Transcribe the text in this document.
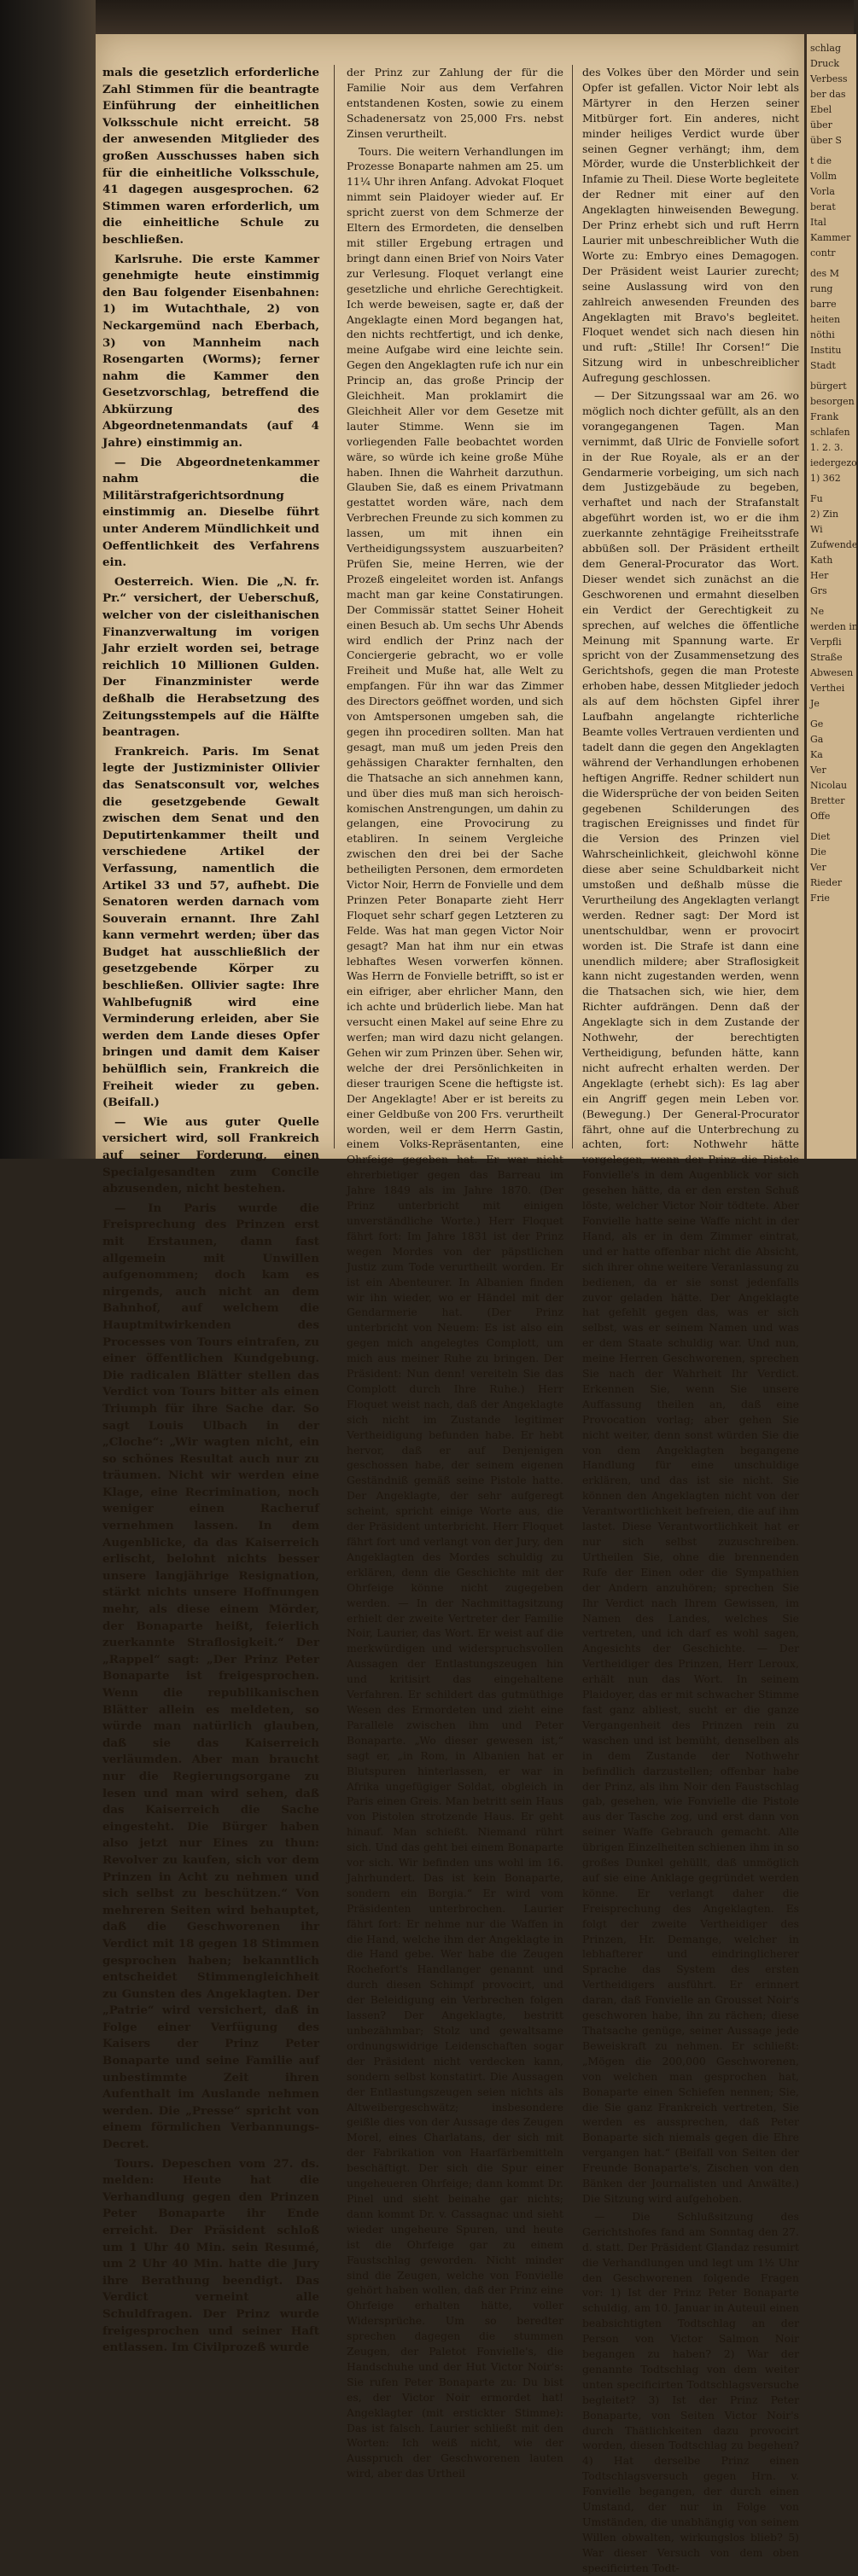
mals die gesetzlich erforderliche Zahl Stimmen für die beantragte Einführung der einheitlichen Volksschule nicht erreicht. 58 der anwesenden Mitglieder des großen Ausschusses haben sich für die einheitliche Volksschule, 41 dagegen ausgesprochen. 62 Stimmen waren erforderlich, um die einheitliche Schule zu beschließen.

Karlsruhe. Die erste Kammer genehmigte heute einstimmig den Bau folgender Eisenbahnen: 1) im Wutachthale, 2) von Neckargemünd nach Eberbach, 3) von Mannheim nach Rosengarten (Worms); ferner nahm die Kammer den Gesetzvorschlag, betreffend die Abkürzung des Abgeordnetenmandats (auf 4 Jahre) einstimmig an.

— Die Abgeordnetenkammer nahm die Militärstrafgerichtsordnung einstimmig an. Dieselbe führt unter Anderem Mündlichkeit und Oeffentlichkeit des Verfahrens ein.

Oesterreich. Wien. Die „N. fr. Pr.“ versichert, der Ueberschuß, welcher von der cisleithanischen Finanzverwaltung im vorigen Jahr erzielt worden sei, betrage reichlich 10 Millionen Gulden. Der Finanzminister werde deßhalb die Herabsetzung des Zeitungsstempels auf die Hälfte beantragen.

Frankreich. Paris. Im Senat legte der Justizminister Ollivier das Senatsconsult vor, welches die gesetzgebende Gewalt zwischen dem Senat und den Deputirtenkammer theilt und verschiedene Artikel der Verfassung, namentlich die Artikel 33 und 57, aufhebt. Die Senatoren werden darnach vom Souverain ernannt. Ihre Zahl kann vermehrt werden; über das Budget hat ausschließlich der gesetzgebende Körper zu beschließen. Ollivier sagte: Ihre Wahlbefugniß wird eine Verminderung erleiden, aber Sie werden dem Lande dieses Opfer bringen und damit dem Kaiser behülflich sein, Frankreich die Freiheit wieder zu geben. (Beifall.)

— Wie aus guter Quelle versichert wird, soll Frankreich auf seiner Forderung, einen Specialgesandten zum Concile abzusenden, nicht bestehen.

— In Paris wurde die Freisprechung des Prinzen erst mit Erstaunen, dann fast allgemein mit Unwillen aufgenommen; doch kam es nirgends, auch nicht an dem Bahnhof, auf welchem die Hauptmitwirkenden des Processes von Tours eintrafen, zu einer öffentlichen Kundgebung. Die radicalen Blätter stellen das Verdict von Tours bitter als einen Triumph für ihre Sache dar. So sagt Louis Ulbach in der „Cloche“: „Wir wagten nicht, ein so schönes Resultat auch nur zu träumen. Nicht wir werden eine Klage, eine Recrimination, noch weniger einen Racheruf vernehmen lassen. In dem Augenblicke, da das Kaiserreich erlischt, belohnt nichts besser unsere langjährige Resignation, stärkt nichts unsere Hoffnungen mehr, als diese einem Mörder, der Bonaparte heißt, feierlich zuerkannte Straflosigkeit.“ Der „Rappel“ sagt: „Der Prinz Peter Bonaparte ist freigesprochen. Wenn die republikanischen Blätter allein es meldeten, so würde man natürlich glauben, daß sie das Kaiserreich verläumden. Aber man braucht nur die Regierungsorgane zu lesen und man wird sehen, daß das Kaiserreich die Sache eingesteht. Die Bürger haben also jetzt nur Eines zu thun: Revolver zu kaufen, sich vor dem Prinzen in Acht zu nehmen und sich selbst zu beschützen.“ Von mehreren Seiten wird behauptet, daß die Geschworenen ihr Verdict mit 18 gegen 18 Stimmen gesprochen haben; bekanntlich entscheidet Stimmengleichheit zu Gunsten des Angeklagten. Der „Patrie“ wird versichert, daß in Folge einer Verfügung des Kaisers der Prinz Peter Bonaparte und seine Familie auf unbestimmte Zeit ihren Aufenthalt im Auslande nehmen werden. Die „Presse“ spricht von einem förmlichen Verbannungs-Decret.

Tours. Depeschen vom 27. ds. melden: Heute hat die Verhandlung gegen den Prinzen Peter Bonaparte ihr Ende erreicht. Der Präsident schloß um 1 Uhr 40 Min. sein Resumé, um 2 Uhr 40 Min. hatte die Jury ihre Berathung beendigt. Das Verdict verneint alle Schuldfragen. Der Prinz wurde freigesprochen und seiner Haft entlassen. Im Civilprozeß wurde

der Prinz zur Zahlung der für die Familie Noir aus dem Verfahren entstandenen Kosten, sowie zu einem Schadenersatz von 25,000 Frs. nebst Zinsen verurtheilt.

Tours. Die weitern Verhandlungen im Prozesse Bonaparte nahmen am 25. um 11¼ Uhr ihren Anfang. Advokat Floquet nimmt sein Plaidoyer wieder auf. Er spricht zuerst von dem Schmerze der Eltern des Ermordeten, die denselben mit stiller Ergebung ertragen und bringt dann einen Brief von Noirs Vater zur Verlesung. Floquet verlangt eine gesetzliche und ehrliche Gerechtigkeit. Ich werde beweisen, sagte er, daß der Angeklagte einen Mord begangen hat, den nichts rechtfertigt, und ich denke, meine Aufgabe wird eine leichte sein. Gegen den Angeklagten rufe ich nur ein Princip an, das große Princip der Gleichheit. Man proklamirt die Gleichheit Aller vor dem Gesetze mit lauter Stimme. Wenn sie im vorliegenden Falle beobachtet worden wäre, so würde ich keine große Mühe haben. Ihnen die Wahrheit darzuthun. Glauben Sie, daß es einem Privatmann gestattet worden wäre, nach dem Verbrechen Freunde zu sich kommen zu lassen, um mit ihnen ein Vertheidigungssystem auszuarbeiten? Prüfen Sie, meine Herren, wie der Prozeß eingeleitet worden ist. Anfangs macht man gar keine Constatirungen. Der Commissär stattet Seiner Hoheit einen Besuch ab. Um sechs Uhr Abends wird endlich der Prinz nach der Conciergerie gebracht, wo er volle Freiheit und Muße hat, alle Welt zu empfangen. Für ihn war das Zimmer des Directors geöffnet worden, und sich von Amtspersonen umgeben sah, die gegen ihn procediren sollten. Man hat gesagt, man muß um jeden Preis den gehässigen Charakter fernhalten, den die Thatsache an sich annehmen kann, und über dies muß man sich heroisch-komischen Anstrengungen, um dahin zu gelangen, eine Provocirung zu etabliren. In seinem Vergleiche zwischen den drei bei der Sache betheiligten Personen, dem ermordeten Victor Noir, Herrn de Fonvielle und dem Prinzen Peter Bonaparte zieht Herr Floquet sehr scharf gegen Letzteren zu Felde. Was hat man gegen Victor Noir gesagt? Man hat ihm nur ein etwas lebhaftes Wesen vorwerfen können. Was Herrn de Fonvielle betrifft, so ist er ein eifriger, aber ehrlicher Mann, den ich achte und brüderlich liebe. Man hat versucht einen Makel auf seine Ehre zu werfen; man wird dazu nicht gelangen. Gehen wir zum Prinzen über. Sehen wir, welche der drei Persönlichkeiten in dieser traurigen Scene die heftigste ist. Der Angeklagte! Aber er ist bereits zu einer Geldbuße von 200 Frs. verurtheilt worden, weil er dem Herrn Gastin, einem Volks-Repräsentanten, eine Ohrfeige gegeben hat. Er war nicht ehrerbietiger gegen das Barreau im Jahre 1849 als im Jahre 1870. (Der Prinz unterbricht mit einigen unverständliche Worte.) Herr Floquet fährt fort: Im Jahre 1831 ist der Prinz wegen Mordes von der päpstlichen Justiz zum Tode verurtheilt worden. Er ist ein Abenteurer. In Albanien finden wir ihn wieder, wo er Händel mit der Gendarmerie hat. (Der Prinz unterbricht von Neuem: Es ist also ein gegen mich angelegtes Complott, um mich aus meiner Ruhe zu bringen. Der Präsident: Nun denn! vereiteln Sie das Complott durch Ihre Ruhe.) Herr Floquet weist nach, daß der Angeklagte sich nicht im Zustande legitimer Vertheidigung befunden habe. Er hebt hervor, daß er auf Denjenigen geschossen habe, der seinem eigenen Geständniß gemäß seine Pistole hatte. Der Angeklagte, der sehr aufgeregt scheint, spricht einige Worte aus, die der Präsident unterbricht. Herr Floquet fährt fort und verlangt von der Jury, den Angeklagten des Mordes schuldig zu erklären, denn die Geschichte mit der Ohrfeige könne nicht zugegeben werden. — In der Nachmittagsitzung erhielt der zweite Vertreter der Familie Noir, Laurier, das Wort. Er weist auf die merkwürdigen und widerspruchsvollen Aussagen der Entlastungszeugen hin und kritisirt das eingehaltene Verfahren. Er schildert das gutmüthige Wesen des Ermordeten und zieht eine Parallele zwischen ihm und Peter Bonaparte. „Wo dieser gewesen ist,“ sagt er, „in Rom, in Albanien hat er Blutspuren hinterlassen, er war in Afrika ungefügiger Soldat, obgleich in Paris einen Greis. Man betritt sein Haus von Pistolen strotzende Haus. Er geht hinauf. Man schießt. Niemand rührt sich. Und das geht bei einem Bonaparte vor sich. Wir befinden uns wohl im 16. Jahrhundert. Das ist kein Bonaparte, sondern ein Borgia.“ Er wird vom Präsidenten unterbrochen. Laurier fährt fort: Er nehme nur die Waffen in die Hand, welche ihm der Angeklagte in die Hand gebe. Wer habe die Zeugen Rochefort's Handlanger genannt und durch diesen Schimpf provocirt, und der Beleidigung ein Verbrechen folgen lassen? Der Angeklagte, bestritt unbezähmbar; Stolz und gewaltsame ordnungswidrige Leidenschaften sogar der Präsident nicht verdecken kann, sondern selbst konstatirt. Die Aussagen der Entlastungszeugen seien nichts als Altweibergeschwätz; insbesondere geißle dies von der Aussage des Zeugen Morel, eines Charlatans, der sich mit der Fabrikation von Haarfärbemitteln beschäftigt. Der sich die Spur einer ungeheueren Ohrfeige; dann kommt Dr. Pinel und sieht beinahe gar nichts; dann kommt Dr. v. Cassagnac und sieht wieder ungeheure Spuren, und heute ist die Ohrfeige gar zu einem Faustschlag geworden. Nicht minder sind die Zeugen, welche von Fonvielle gehört haben wollen, daß der Prinz eine Ohrfeige erhalten hätte, voller Widersprüche. Um so beredter sprechen dagegen die stummen Zeugen, der Paletot Fonvielle's, die Handschuhe und der Hut Victor Noir's: Sie rufen Peter Bonaparte zu: Du bist es, der Victor Noir ermordet hat! Angeklagter (mit erstickter Stimme): Das ist falsch. Laurier schließt mit den Worten: Ich weiß nicht, wie der Ausspruch der Geschworenen lauten wird, aber das Urtheil

des Volkes über den Mörder und sein Opfer ist gefallen. Victor Noir lebt als Märtyrer in den Herzen seiner Mitbürger fort. Ein anderes, nicht minder heiliges Verdict wurde über seinen Gegner verhängt; ihm, dem Mörder, wurde die Unsterblichkeit der Infamie zu Theil. Diese Worte begleitete der Redner mit einer auf den Angeklagten hinweisenden Bewegung. Der Prinz erhebt sich und ruft Herrn Laurier mit unbeschreiblicher Wuth die Worte zu: Embryo eines Demagogen. Der Präsident weist Laurier zurecht; seine Auslassung wird von den zahlreich anwesenden Freunden des Angeklagten mit Bravo's begleitet. Floquet wendet sich nach diesen hin und ruft: „Stille! Ihr Corsen!“ Die Sitzung wird in unbeschreiblicher Aufregung geschlossen.

— Der Sitzungssaal war am 26. wo möglich noch dichter gefüllt, als an den vorangegangenen Tagen. Man vernimmt, daß Ulric de Fonvielle sofort in der Rue Royale, als er an der Gendarmerie vorbeiging, um sich nach dem Justizgebäude zu begeben, verhaftet und nach der Strafanstalt abgeführt worden ist, wo er die ihm zuerkannte zehntägige Freiheitsstrafe abbüßen soll. Der Präsident ertheilt dem General-Procurator das Wort. Dieser wendet sich zunächst an die Geschworenen und ermahnt dieselben ein Verdict der Gerechtigkeit zu sprechen, auf welches die öffentliche Meinung mit Spannung warte. Er spricht von der Zusammensetzung des Gerichtshofs, gegen die man Proteste erhoben habe, dessen Mitglieder jedoch als auf dem höchsten Gipfel ihrer Laufbahn angelangte richterliche Beamte volles Vertrauen verdienten und tadelt dann die gegen den Angeklagten während der Verhandlungen erhobenen heftigen Angriffe. Redner schildert nun die Widersprüche der von beiden Seiten gegebenen Schilderungen des tragischen Ereignisses und findet für die Version des Prinzen viel Wahrscheinlichkeit, gleichwohl könne diese aber seine Schuldbarkeit nicht umstoßen und deßhalb müsse die Verurtheilung des Angeklagten verlangt werden. Redner sagt: Der Mord ist unentschuldbar, wenn er provocirt worden ist. Die Strafe ist dann eine unendlich mildere; aber Straflosigkeit kann nicht zugestanden werden, wenn die Thatsachen sich, wie hier, dem Richter aufdrängen. Denn daß der Angeklagte sich in dem Zustande der Nothwehr, der berechtigten Vertheidigung, befunden hätte, kann nicht aufrecht erhalten werden. Der Angeklagte (erhebt sich): Es lag aber ein Angriff gegen mein Leben vor. (Bewegung.) Der General-Procurator fährt, ohne auf die Unterbrechung zu achten, fort: Nothwehr hätte vorgelegen, wenn der Prinz die Pistole Fonvielle's in dem Augenblick vor sich gesehen hätte, da er den ersten Schuß löste, welcher Victor Noir tödtete. Aber Fonvielle hatte seine Waffe nicht in der Hand, als er in dem Zimmer eintrat, und er hatte offenbar nicht die Absicht, sich ihrer ohne weitere Veranlassung zu bedienen, da er sie sonst jedenfalls zuvor geladen hätte. Der Angeklagte hat gefehlt gegen das, was er sich selbst, was er seinem Namen und was er dem Staate schuldig war. Und nun, meine Herren Geschworenen, sprechen Sie nach der Wahrheit Ihr Verdict. Erkennen Sie, wenn Sie unsere Auffassung theilen an, daß eine Provocation vorlag; aber gehen Sie nicht weiter, denn sonst würden Sie die von dem Angeklagten begangene Handlung für eine unschuldige erklären, und das ist sie nicht. Sie können den Angeklagten nicht von der Verantwortlichkeit befreien, die auf ihm lastet. Diese Verantwortlichkeit hat er nur sich selbst zuzuschreiben. Urtheilen Sie, ohne die brennenden Rufe der Einen oder die Sympathien der Andern anzuhören; sprechen Sie Ihr Verdict nach Ihrem Gewissen, im Namen des Landes, welches Sie vertreten, und ich darf es wohl sagen, Angesichts der Geschichte. — Der Vertheidiger des Prinzen, Herr Leroux, erhält nun das Wort. In seinem Plaidoyer, das er mit schwacher Stimme fast ganz abliest, sucht er die ganze Vergangenheit des Prinzen rein zu waschen und ist bemüht, denselben als in dem Zustande der Nothwehr befindlich darzustellen; offenbar habe der Prinz, als ihm Noir den Faustschlag gab, gesehen, wie Fonvielle die Pistole aus der Tasche zog, und erst dann von seiner Waffe Gebrauch gemacht. Alle übrigen Einzelheiten schienen ihm in so großes Dunkel gehüllt, daß unmöglich auf sie eine Anklage gegründet werden könne. Er verlangt daher die Freisprechung des Angeklagten. Es folgt der zweite Vertheidiger des Prinzen, Hr. Demange, welcher in lebhafterer und eindringlicherer Sprache das System des ersten Vertheidigers ausführt. Er erinnert daran, daß Fonvielle an Grousset Noir's geschworen habe, ihn zu rächen; diese Thatsache genüge, seiner Aussage jede Beweiskraft zu nehmen. Er schließt: „Mögen die 200,000 Geschworenen, von welchen man gesprochen hat, Bonaparte einen Schiefen nennen; Sie, die Sie ganz Frankreich vertreten, Sie werden es aussprechen, daß Peter Bonaparte sich niemals gegen die Ehre vergangen hat.“ (Beifall von Seiten der Freunde Bonaparte's, Zischen von den Bänken der Journalisten und Anwälte.) Die Sitzung wird aufgehoben.

— Die Schlußsitzung des Gerichtshofes fand am Sonntag den 27. d. statt. Der Präsident Glandaz resumirt die Verhandlungen und legt um 1½ Uhr den Geschworenen folgende Fragen vor: 1) Ist der Prinz Peter Bonaparte schuldig, am 10. Januar in Auteuil einen beabsichtigten Todtschlag an der Person von Victor Salmon Noir begangen zu haben? 2) War der genannte Todtschlag von dem weiter unten specificirten Todtschlagsversuche begleitet? 3) Ist der Prinz Peter Bonaparte, von Seiten Victor Noir's durch Thätlichkeiten dazu provocirt worden, diesen Todtschlag zu begehen? 4) Hat derselbe Prinz einen Todtschlagsversuch gegen Hrn. v. Fonvielle begangen, der durch einen Umstand, der nur in Folge von Umständen, die unabhängig von seinem Willen obwalten, wirkungslos blieb? 5) War dieser Versuch von dem oben specificirten Todt-

schlag
Druck
Verbess
ber das
Ebel
über
über S
t die
Vollm
Vorla
berat
Ital
Kammer
contr
des M
rung
barre
heiten
nöthi
Institu
Stadt
bürgert
besorgen
Frank
schlafen
1. 2. 3.
iedergezo
1) 362
Fu
2) Zin
Wi
Zufwende
Kath
Her
Grs
Ne
werden in
Verpfli
Straße
Abwesen
Verthei
Je
Ge
Ga
Ka
Ver
Nicolau
Bretter
Offe
Diet
Die
Ver
Rieder
Frie
